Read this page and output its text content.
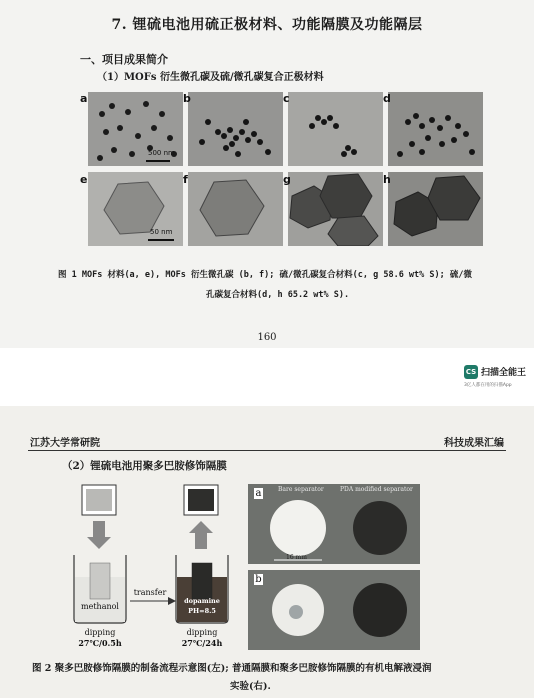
7. 锂硫电池用硫正极材料、功能隔膜及功能隔层
一、项目成果简介
（1）MOFs 衍生微孔碳及硫/微孔碳复合正极材料
500 nm
50 nm
a	b	c	d
e	f	g	h
图 1 MOFs 材料(a, e), MOFs 衍生微孔碳 (b, f); 硫/微孔碳复合材料(c, g 58.6 wt% S); 硫/微
孔碳复合材料(d, h 65.2 wt% S).
160
CS 扫描全能王
3亿人都在用的扫描App
江苏大学常研院	科技成果汇编
（2）锂硫电池用聚多巴胺修饰隔膜
methanol
dopamine
PH=8.5
transfer
dipping
27℃/0.5h
dipping
27℃/24h
a	Bare separator	PDA modified separator
16 mm
b
图 2 聚多巴胺修饰隔膜的制备流程示意图(左); 普通隔膜和聚多巴胺修饰隔膜的有机电解液浸润
实验(右).
